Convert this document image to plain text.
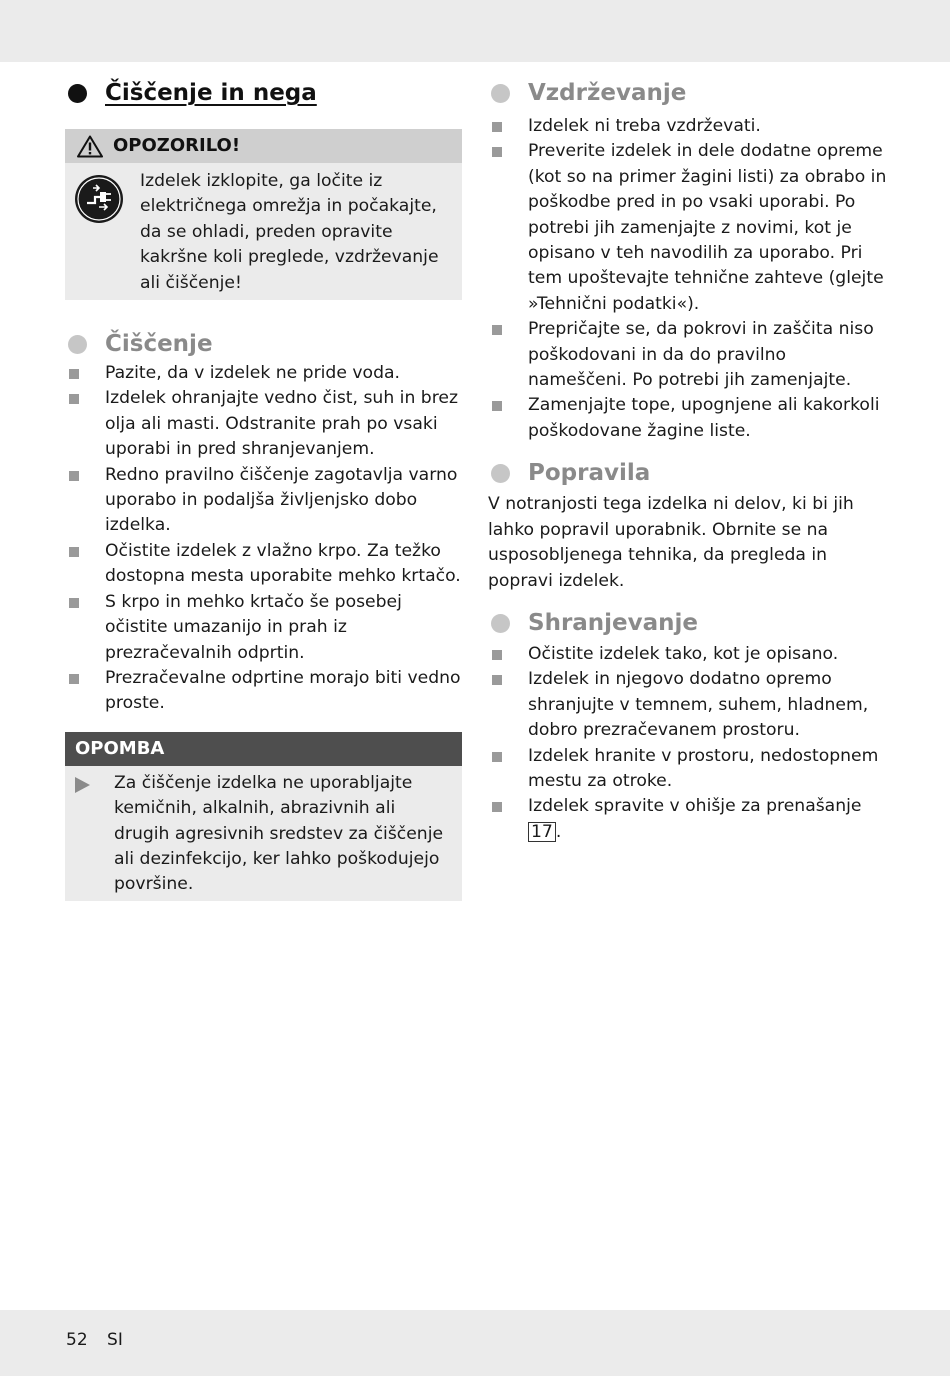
Čiščenje in nega
OPOZORILO!

Izdelek izklopite, ga ločite iz električnega omrežja in počakajte, da se ohladi, preden opravite kakršne koli preglede, vzdrževanje ali čiščenje!

Čiščenje
Pazite, da v izdelek ne pride voda.
Izdelek ohranjajte vedno čist, suh in brez olja ali masti. Odstranite prah po vsaki uporabi in pred shranjevanjem.
Redno pravilno čiščenje zagotavlja varno uporabo in podaljša življenjsko dobo izdelka.
Očistite izdelek z vlažno krpo. Za težko dostopna mesta uporabite mehko krtačo.
S krpo in mehko krtačo še posebej očistite umazanijo in prah iz prezračevalnih odprtin.
Prezračevalne odprtine morajo biti vedno proste.
OPOMBA

Za čiščenje izdelka ne uporabljajte kemičnih, alkalnih, abrazivnih ali drugih agresivnih sredstev za čiščenje ali dezinfekcijo, ker lahko poškodujejo površine.

Vzdrževanje
Izdelek ni treba vzdrževati.
Preverite izdelek in dele dodatne opreme (kot so na primer žagini listi) za obrabo in poškodbe pred in po vsaki uporabi. Po potrebi jih zamenjajte z novimi, kot je opisano v teh navodilih za uporabo. Pri tem upoštevajte tehnične zahteve (glejte »Tehnični podatki«).
Prepričajte se, da pokrovi in zaščita niso poškodovani in da do pravilno nameščeni. Po potrebi jih zamenjajte.
Zamenjajte tope, upognjene ali kakorkoli poškodovane žagine liste.
Popravila

V notranjosti tega izdelka ni delov, ki bi jih lahko popravil uporabnik. Obrnite se na usposobljenega tehnika, da pregleda in popravi izdelek.

Shranjevanje
Očistite izdelek tako, kot je opisano.
Izdelek in njegovo dodatno opremo shranjujte v temnem, suhem, hladnem, dobro prezračevanem prostoru.
Izdelek hranite v prostoru, nedostopnem mestu za otroke.
Izdelek spravite v ohišje za prenašanje 17 .
52 SI
